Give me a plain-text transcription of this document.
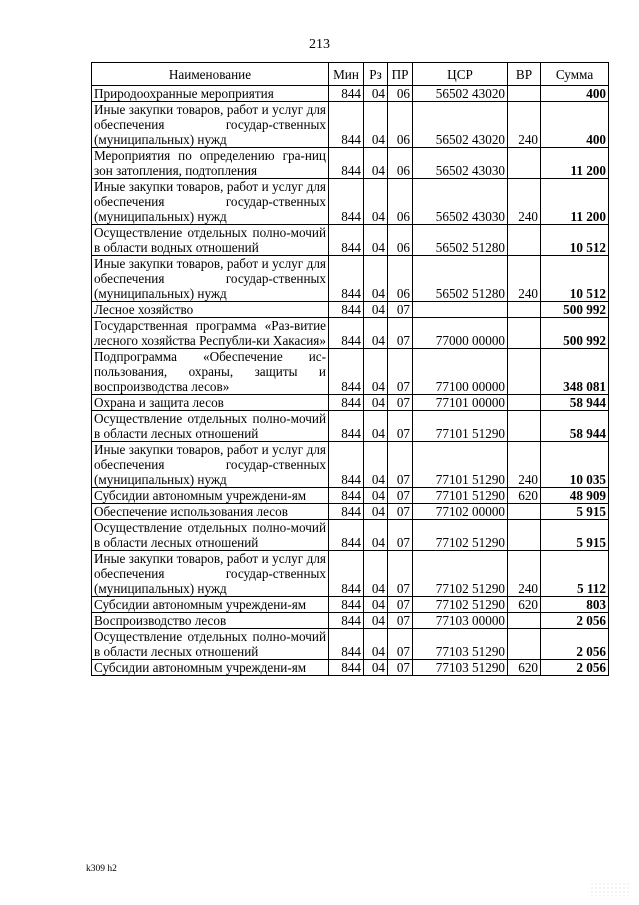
213
Наименование	Мин	Рз	ПР	ЦСР	ВР	Сумма
Природоохранные мероприятия	844	04	06	56502 43020		400
Иные закупки товаров, работ и услуг для обеспечения государ-ственных (муниципальных) нужд	844	04	06	56502 43020	240	400
Мероприятия по определению гра-ниц зон затопления, подтопления	844	04	06	56502 43030		11 200
Иные закупки товаров, работ и услуг для обеспечения государ-ственных (муниципальных) нужд	844	04	06	56502 43030	240	11 200
Осуществление отдельных полно-мочий в области водных отношений	844	04	06	56502 51280		10 512
Иные закупки товаров, работ и услуг для обеспечения государ-ственных (муниципальных) нужд	844	04	06	56502 51280	240	10 512
Лесное хозяйство	844	04	07			500 992
Государственная программа «Раз-витие лесного хозяйства Республи-ки Хакасия»	844	04	07	77000 00000		500 992
Подпрограмма «Обеспечение ис-пользования, охраны, защиты и воспроизводства лесов»	844	04	07	77100 00000		348 081
Охрана и защита лесов	844	04	07	77101 00000		58 944
Осуществление отдельных полно-мочий в области лесных отношений	844	04	07	77101 51290		58 944
Иные закупки товаров, работ и услуг для обеспечения государ-ственных (муниципальных) нужд	844	04	07	77101 51290	240	10 035
Субсидии автономным учреждени-ям	844	04	07	77101 51290	620	48 909
Обеспечение использования лесов	844	04	07	77102 00000		5 915
Осуществление отдельных полно-мочий в области лесных отношений	844	04	07	77102 51290		5 915
Иные закупки товаров, работ и услуг для обеспечения государ-ственных (муниципальных) нужд	844	04	07	77102 51290	240	5 112
Субсидии автономным учреждени-ям	844	04	07	77102 51290	620	803
Воспроизводство лесов	844	04	07	77103 00000		2 056
Осуществление отдельных полно-мочий в области лесных отношений	844	04	07	77103 51290		2 056
Субсидии автономным учреждени-ям	844	04	07	77103 51290	620	2 056
k309 h2
